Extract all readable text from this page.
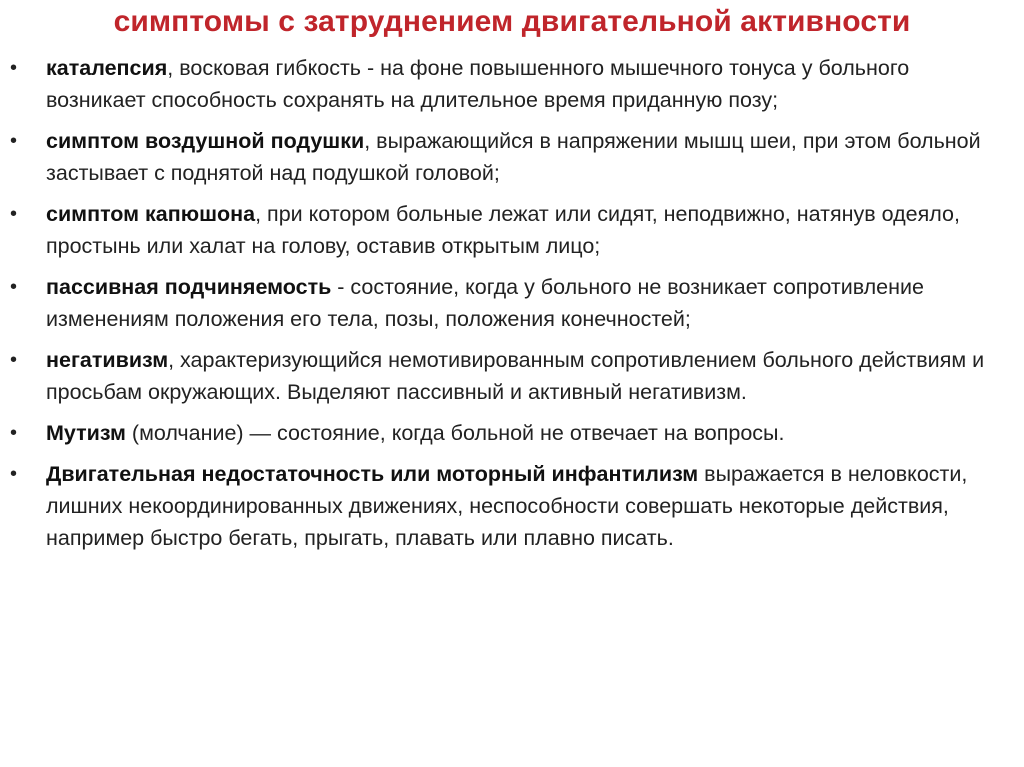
симптомы с затруднением двигательной активности
• каталепсия, восковая гибкость - на фоне повышенного мышечного тонуса у больного возникает способность сохранять на длительное время приданную позу;
• симптом воздушной подушки, выражающийся в напряжении мышц шеи, при этом больной застывает с поднятой над подушкой головой;
• симптом капюшона, при котором больные лежат или сидят, неподвижно, натянув одеяло, простынь или халат на голову, оставив открытым лицо;
• пассивная подчиняемость - состояние, когда у больного не возникает сопротивление изменениям положения его тела, позы, положения конечностей;
• негативизм, характеризующийся немотивированным сопротивлением больного действиям и просьбам окружающих. Выделяют пассивный и активный негативизм.
• Мутизм (молчание) — состояние, когда больной не отвечает на вопросы.
• Двигательная недостаточность или моторный инфантилизм выражается в неловкости, лишних некоординированных движениях, неспособности совершать некоторые действия, например быстро бегать, прыгать, плавать или плавно писать.
